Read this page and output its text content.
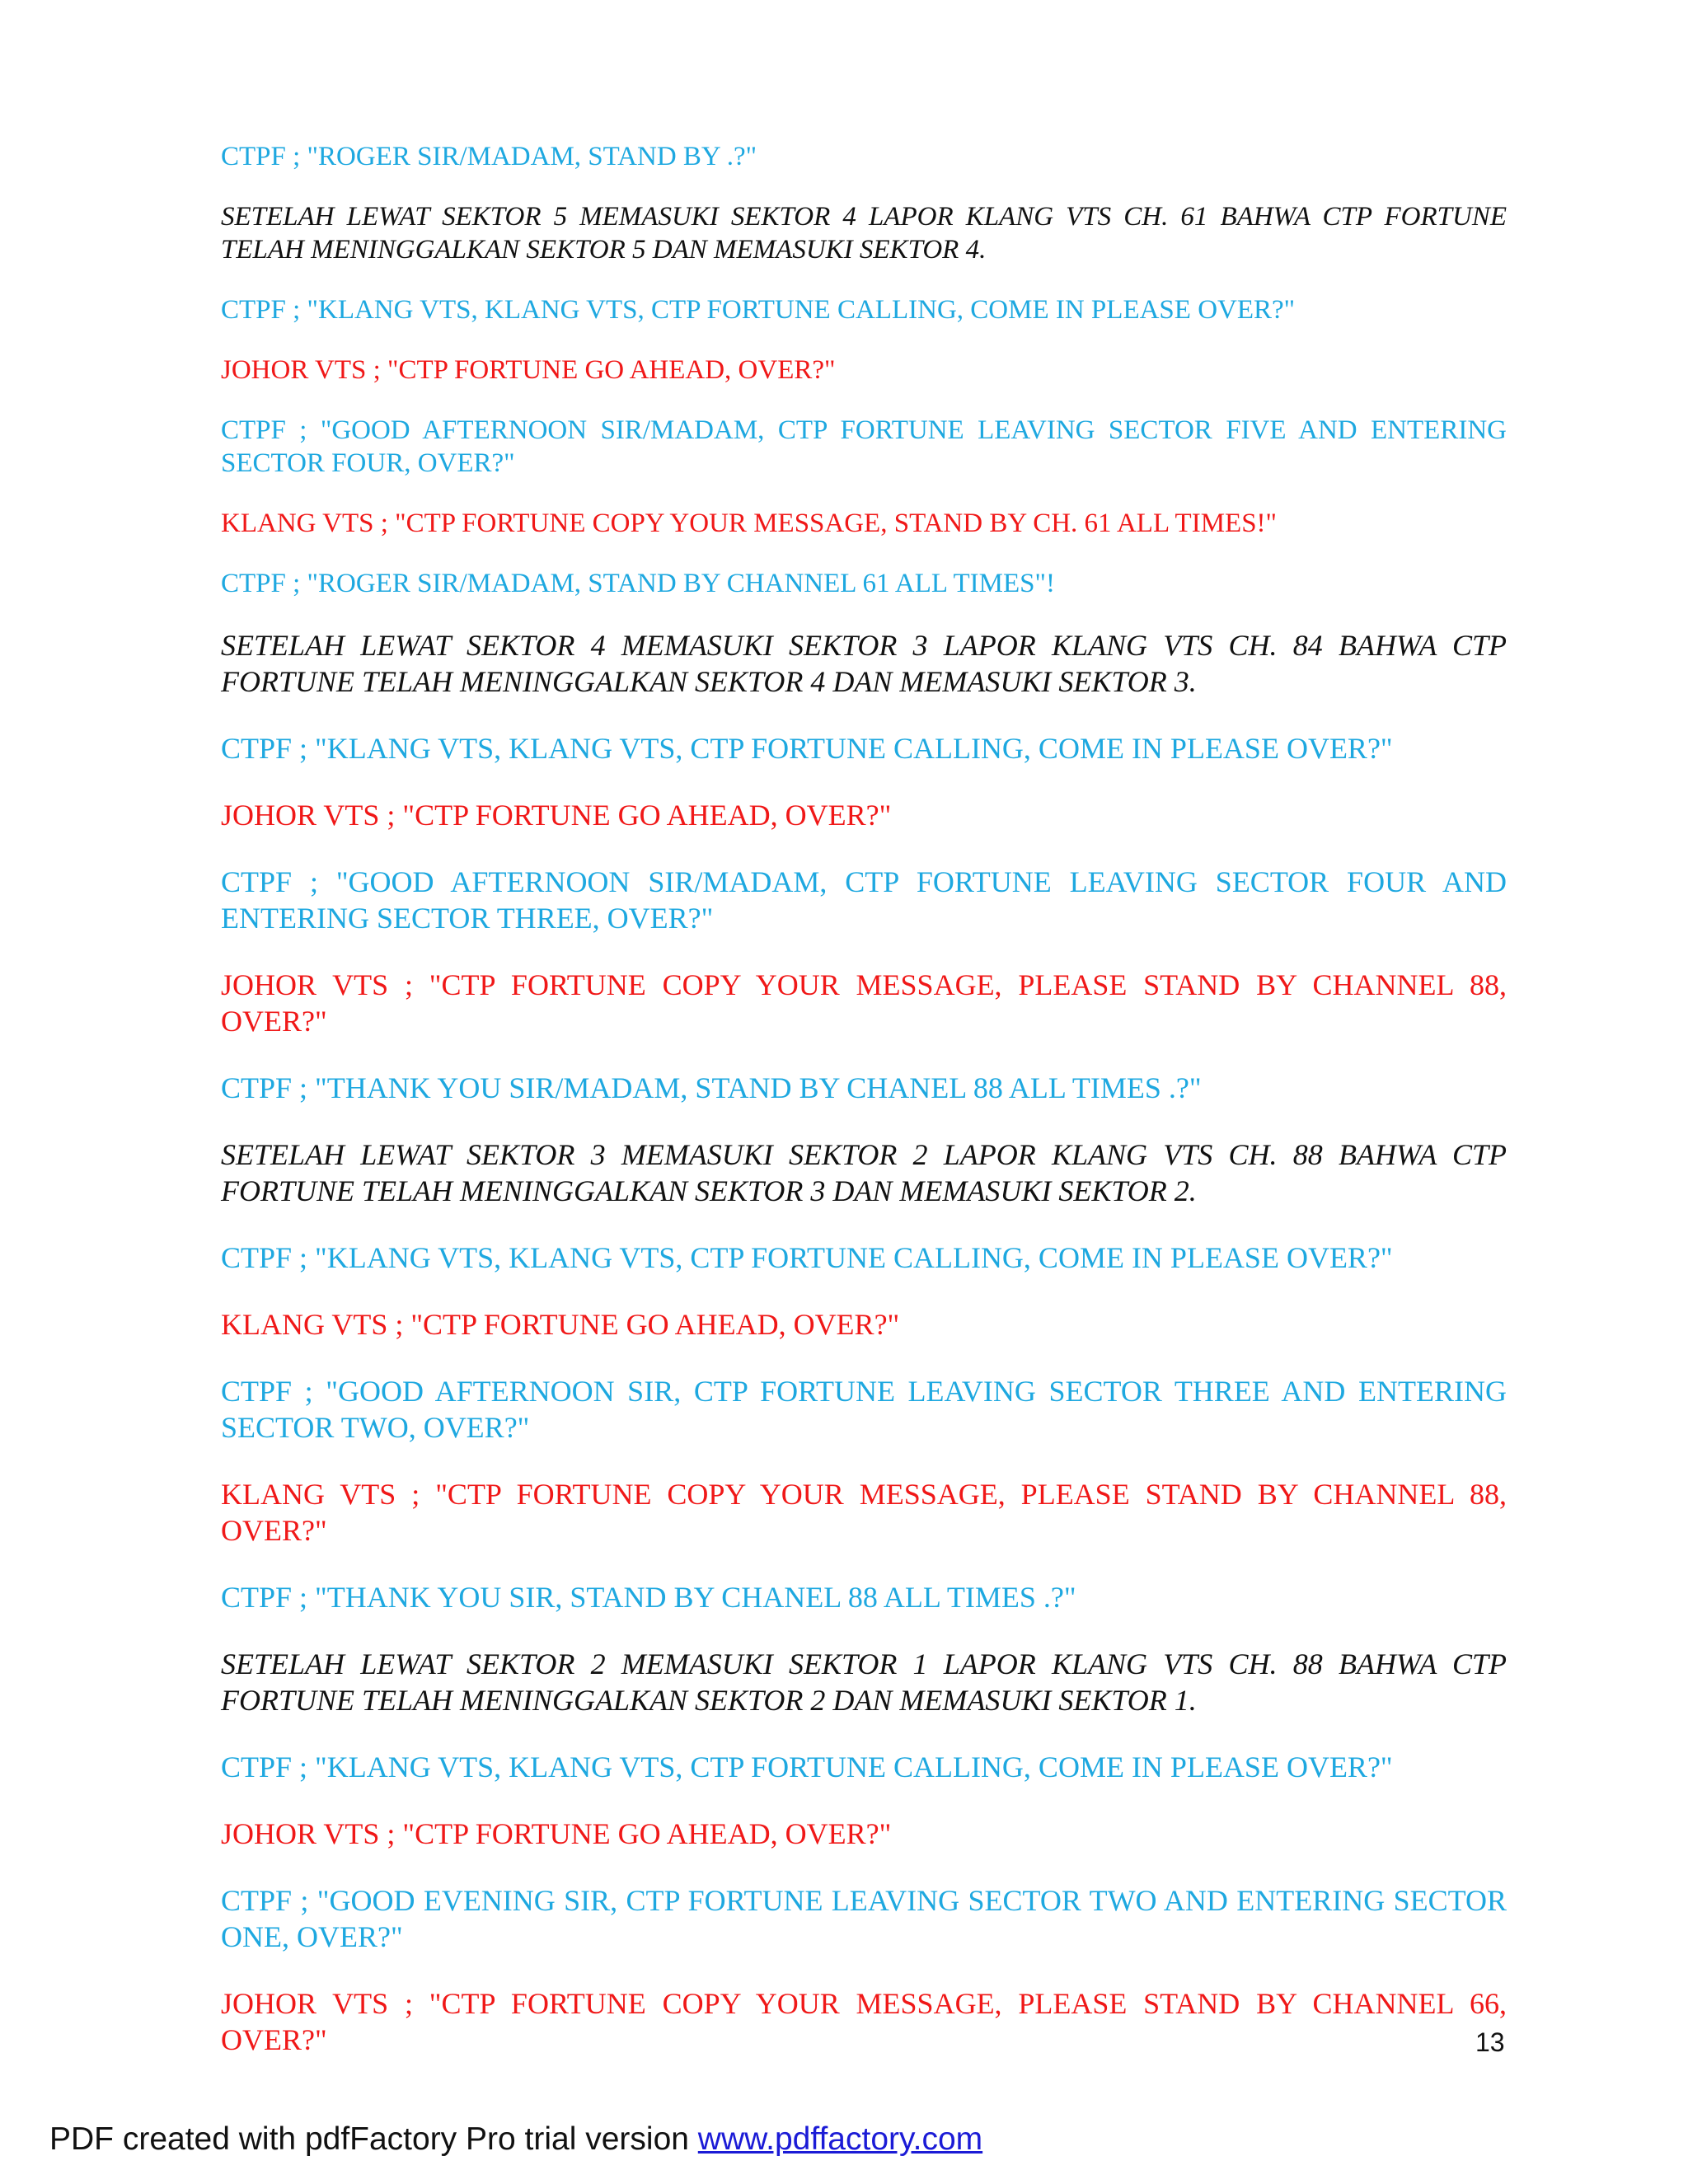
CTPF ; "ROGER SIR/MADAM, STAND BY .?"

SETELAH LEWAT SEKTOR 5 MEMASUKI SEKTOR 4 LAPOR KLANG VTS CH. 61 BAHWA CTP FORTUNE TELAH MENINGGALKAN SEKTOR 5 DAN MEMASUKI SEKTOR 4.

CTPF ; "KLANG VTS, KLANG VTS, CTP FORTUNE CALLING, COME IN PLEASE OVER?"

JOHOR VTS ; "CTP FORTUNE GO AHEAD, OVER?"

CTPF ; "GOOD AFTERNOON SIR/MADAM, CTP FORTUNE LEAVING SECTOR FIVE AND ENTERING SECTOR FOUR, OVER?"

KLANG VTS ; "CTP FORTUNE COPY YOUR MESSAGE, STAND BY CH. 61 ALL TIMES!"

CTPF ; "ROGER SIR/MADAM, STAND BY CHANNEL 61 ALL TIMES"!

SETELAH LEWAT SEKTOR 4 MEMASUKI SEKTOR 3 LAPOR KLANG VTS CH. 84 BAHWA CTP FORTUNE TELAH MENINGGALKAN SEKTOR 4 DAN MEMASUKI SEKTOR 3.

CTPF ; "KLANG VTS, KLANG VTS, CTP FORTUNE CALLING, COME IN PLEASE OVER?"

JOHOR VTS ; "CTP FORTUNE GO AHEAD, OVER?"

CTPF ; "GOOD AFTERNOON SIR/MADAM, CTP FORTUNE LEAVING SECTOR FOUR AND ENTERING SECTOR THREE, OVER?"

JOHOR VTS ; "CTP FORTUNE COPY YOUR MESSAGE, PLEASE STAND BY CHANNEL 88, OVER?"

CTPF ; "THANK YOU SIR/MADAM, STAND BY CHANEL 88 ALL TIMES .?"

SETELAH LEWAT SEKTOR 3 MEMASUKI SEKTOR 2 LAPOR KLANG VTS CH. 88 BAHWA CTP FORTUNE TELAH MENINGGALKAN SEKTOR 3 DAN MEMASUKI SEKTOR 2.

CTPF ; "KLANG VTS, KLANG VTS, CTP FORTUNE CALLING, COME IN PLEASE OVER?"

KLANG VTS ; "CTP FORTUNE GO AHEAD, OVER?"

CTPF ; "GOOD AFTERNOON SIR, CTP FORTUNE LEAVING SECTOR THREE AND ENTERING SECTOR TWO, OVER?"

KLANG VTS ; "CTP FORTUNE COPY YOUR MESSAGE, PLEASE STAND BY CHANNEL 88, OVER?"

CTPF ; "THANK YOU SIR, STAND BY CHANEL 88 ALL TIMES .?"

SETELAH LEWAT SEKTOR 2 MEMASUKI SEKTOR 1 LAPOR KLANG VTS CH. 88 BAHWA CTP FORTUNE TELAH MENINGGALKAN SEKTOR 2 DAN MEMASUKI SEKTOR 1.

CTPF ; "KLANG VTS, KLANG VTS, CTP FORTUNE CALLING, COME IN PLEASE OVER?"

JOHOR VTS ; "CTP FORTUNE GO AHEAD, OVER?"

CTPF ; "GOOD EVENING SIR, CTP FORTUNE LEAVING SECTOR TWO AND ENTERING SECTOR ONE, OVER?"

JOHOR VTS ; "CTP FORTUNE COPY YOUR MESSAGE, PLEASE STAND BY CHANNEL 66, OVER?"	13
PDF created with pdfFactory Pro trial version www.pdffactory.com
